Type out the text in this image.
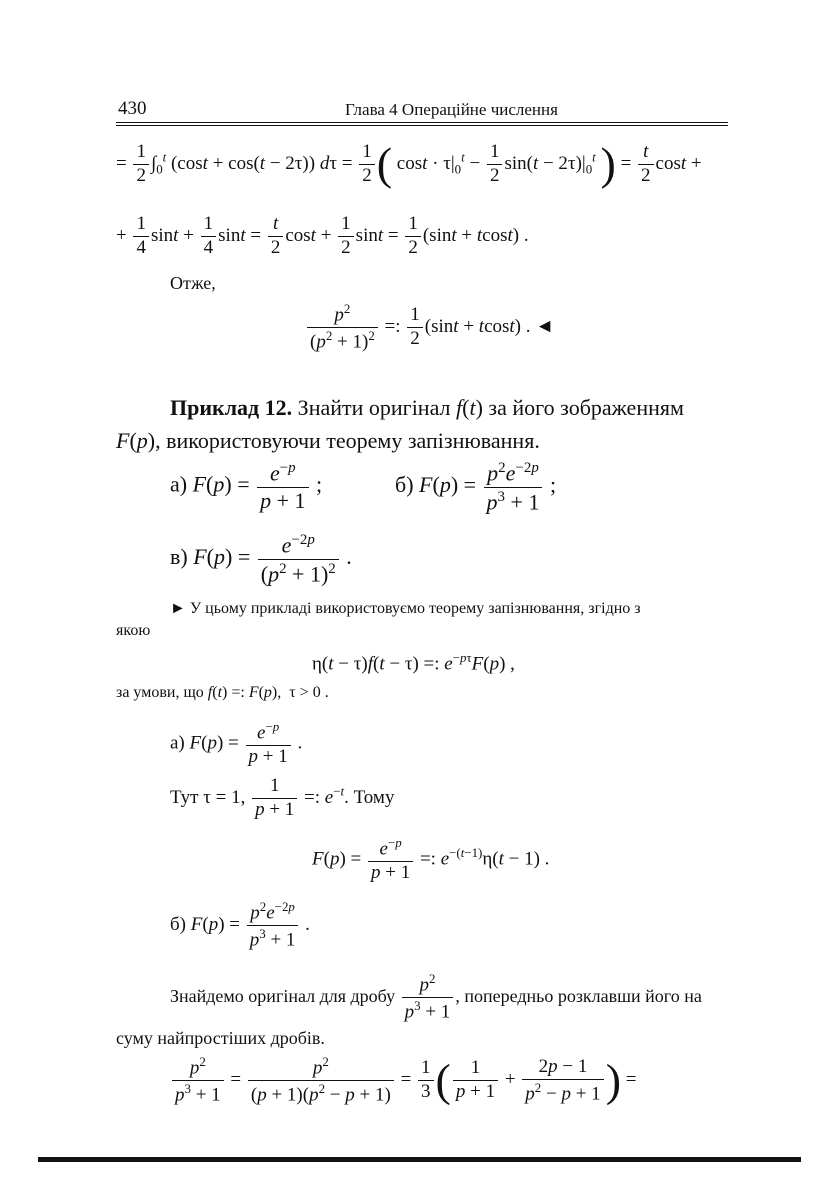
430	Глава 4 Операційне числення
= $\frac{1}{2} \int_0^t$ (cost + cos(t − 2τ)) $d\tau = \frac{1}{2}$ ( $\cos t \cdot \tau|_0^t - \frac{1}{2} \sin(t - 2\tau)|_0^t$ ) = $\frac{t}{2}$ cost +
+ $\frac{1}{4}$ $\sin t + \frac{1}{4}$ $\sin t = \frac{t}{2}$ $\cos t + \frac{1}{2}$ $\sin t = \frac{1}{2} (\sin t + tcost)$ .
Отже,
$\frac{p^2}{(p^2 + 1)^2}$ =: $\frac{1}{2} (\sin t + tcost)$ . ◄
Приклад 12. Знайти оригінал f(t) за його зображенням
F(p), використовуючи теорему запізнювання.
а) $F(p) = \frac{e^{-p}}{p + 1}$ ;	б) $F(p) = \frac{p^2e^{-2p}}{p^3 + 1}$ ;
в) $F(p) = \frac{e^{-2p}}{(p^2 + 1)^2}$ .
► У цьому прикладі використовуємо теорему запізнювання, згідно з
якою
η(t − τ)f(t − τ) =: $e^{-p\tau}F(p)$ ,
за умови, що f(t) =: F(p),  τ > 0 .
а) $F(p) = \frac{e^{-p}}{p + 1}$ .
Тут τ = 1, $\frac{1}{p + 1}$ =: $e^{-t}$. Тому
$F(p) = \frac{e^{-p}}{p + 1}$ =: $e^{-(t-1)}\eta(t - 1)$ .
б) $F(p) = \frac{p^2e^{-2p}}{p^3 + 1}$ .
Знайдемо оригінал для дробу $\frac{p^2}{p^3 + 1}$ , попередньо розклавши його на
суму найпростіших дробів.
$\frac{p^2}{p^3 + 1} = \frac{p^2}{(p + 1)(p^2 - p + 1)} = \frac{1}{3}$ ( $\frac{1}{p + 1} + \frac{2p - 1}{p^2 - p + 1}$ ) =
